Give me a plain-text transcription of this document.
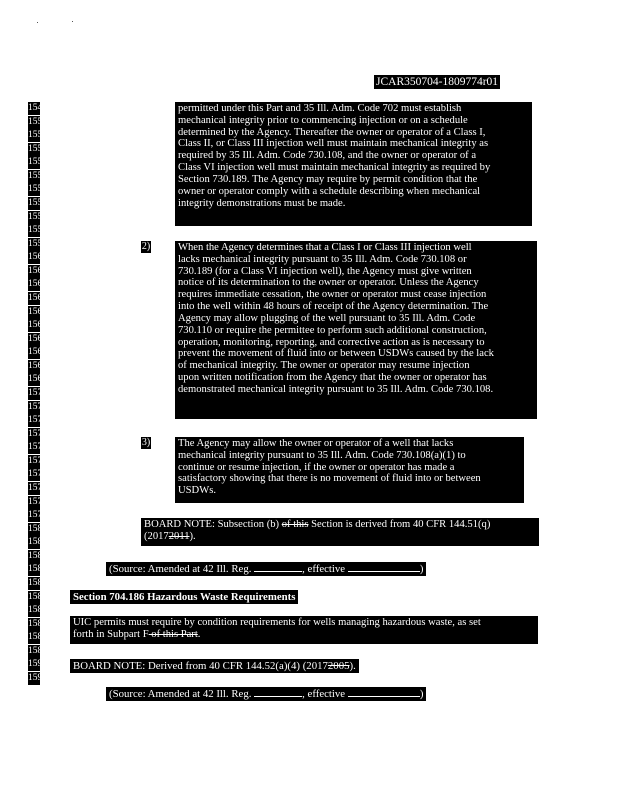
JCAR350704-1809774r01
1549
1550
1551
1552
1553
1554
1555
1556
1557
1558
1559
1560
1561
1562
1563
1564
1565
1566
1567
1568
1569
1570
1571
1572
1573
1574
1575
1576
1577
1578
1579
1580
1581
1582
1583
1584
1585
1586
1587
1588
1589
1590
1591
permitted under this Part and 35 Ill. Adm. Code 702 must establish
mechanical integrity prior to commencing injection or on a schedule
determined by the Agency. Thereafter the owner or operator of a Class I,
Class II, or Class III injection well must maintain mechanical integrity as
required by 35 Ill. Adm. Code 730.108, and the owner or operator of a
Class VI injection well must maintain mechanical integrity as required by
Section 730.189. The Agency may require by permit condition that the
owner or operator comply with a schedule describing when mechanical
integrity demonstrations must be made.
2)	When the Agency determines that a Class I or Class III injection well
lacks mechanical integrity pursuant to 35 Ill. Adm. Code 730.108 or
730.189 (for a Class VI injection well), the Agency must give written
notice of its determination to the owner or operator. Unless the Agency
requires immediate cessation, the owner or operator must cease injection
into the well within 48 hours of receipt of the Agency determination. The
Agency may allow plugging of the well pursuant to 35 Ill. Adm. Code
730.110 or require the permittee to perform such additional construction,
operation, monitoring, reporting, and corrective action as is necessary to
prevent the movement of fluid into or between USDWs caused by the lack
of mechanical integrity. The owner or operator may resume injection
upon written notification from the Agency that the owner or operator has
demonstrated mechanical integrity pursuant to 35 Ill. Adm. Code 730.108.
3)	The Agency may allow the owner or operator of a well that lacks
mechanical integrity pursuant to 35 Ill. Adm. Code 730.108(a)(1) to
continue or resume injection, if the owner or operator has made a
satisfactory showing that there is no movement of fluid into or between
USDWs.
BOARD NOTE: Subsection (b) of this Section is derived from 40 CFR 144.51(q)
(20172011).
(Source: Amended at 42 Ill. Reg.	, effective	)
Section 704.186 Hazardous Waste Requirements
UIC permits must require by condition requirements for wells managing hazardous waste, as set
forth in Subpart F of this Part.
BOARD NOTE: Derived from 40 CFR 144.52(a)(4) (20172005).
(Source: Amended at 42 Ill. Reg.	, effective	)
